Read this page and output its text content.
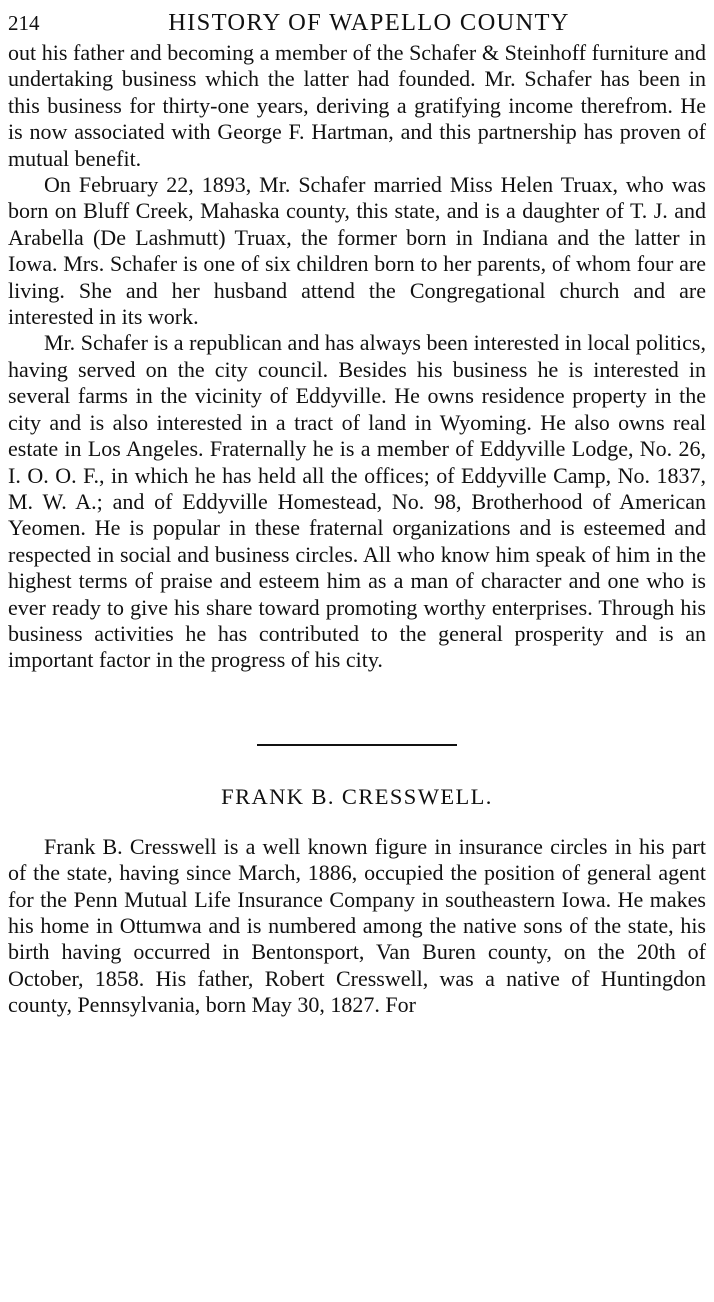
214	HISTORY OF WAPELLO COUNTY

out his father and becoming a member of the Schafer & Steinhoff furniture and undertaking business which the latter had founded. Mr. Schafer has been in this business for thirty-one years, deriving a gratifying income therefrom. He is now associated with George F. Hartman, and this partnership has proven of mutual benefit.

On February 22, 1893, Mr. Schafer married Miss Helen Truax, who was born on Bluff Creek, Mahaska county, this state, and is a daughter of T. J. and Arabella (De Lashmutt) Truax, the former born in Indiana and the latter in Iowa. Mrs. Schafer is one of six children born to her parents, of whom four are living. She and her husband attend the Congregational church and are interested in its work.

Mr. Schafer is a republican and has always been interested in local politics, having served on the city council. Besides his business he is interested in several farms in the vicinity of Eddyville. He owns residence property in the city and is also interested in a tract of land in Wyoming. He also owns real estate in Los Angeles. Fraternally he is a member of Eddyville Lodge, No. 26, I. O. O. F., in which he has held all the offices; of Eddyville Camp, No. 1837, M. W. A.; and of Eddyville Homestead, No. 98, Brotherhood of American Yeomen. He is popular in these fraternal organizations and is esteemed and respected in social and business circles. All who know him speak of him in the highest terms of praise and esteem him as a man of character and one who is ever ready to give his share toward promoting worthy enterprises. Through his business activities he has contributed to the general prosperity and is an important factor in the progress of his city.

FRANK B. CRESSWELL.

Frank B. Cresswell is a well known figure in insurance circles in his part of the state, having since March, 1886, occupied the position of general agent for the Penn Mutual Life Insurance Company in southeastern Iowa. He makes his home in Ottumwa and is numbered among the native sons of the state, his birth having occurred in Bentonsport, Van Buren county, on the 20th of October, 1858. His father, Robert Cresswell, was a native of Huntingdon county, Pennsylvania, born May 30, 1827. For
